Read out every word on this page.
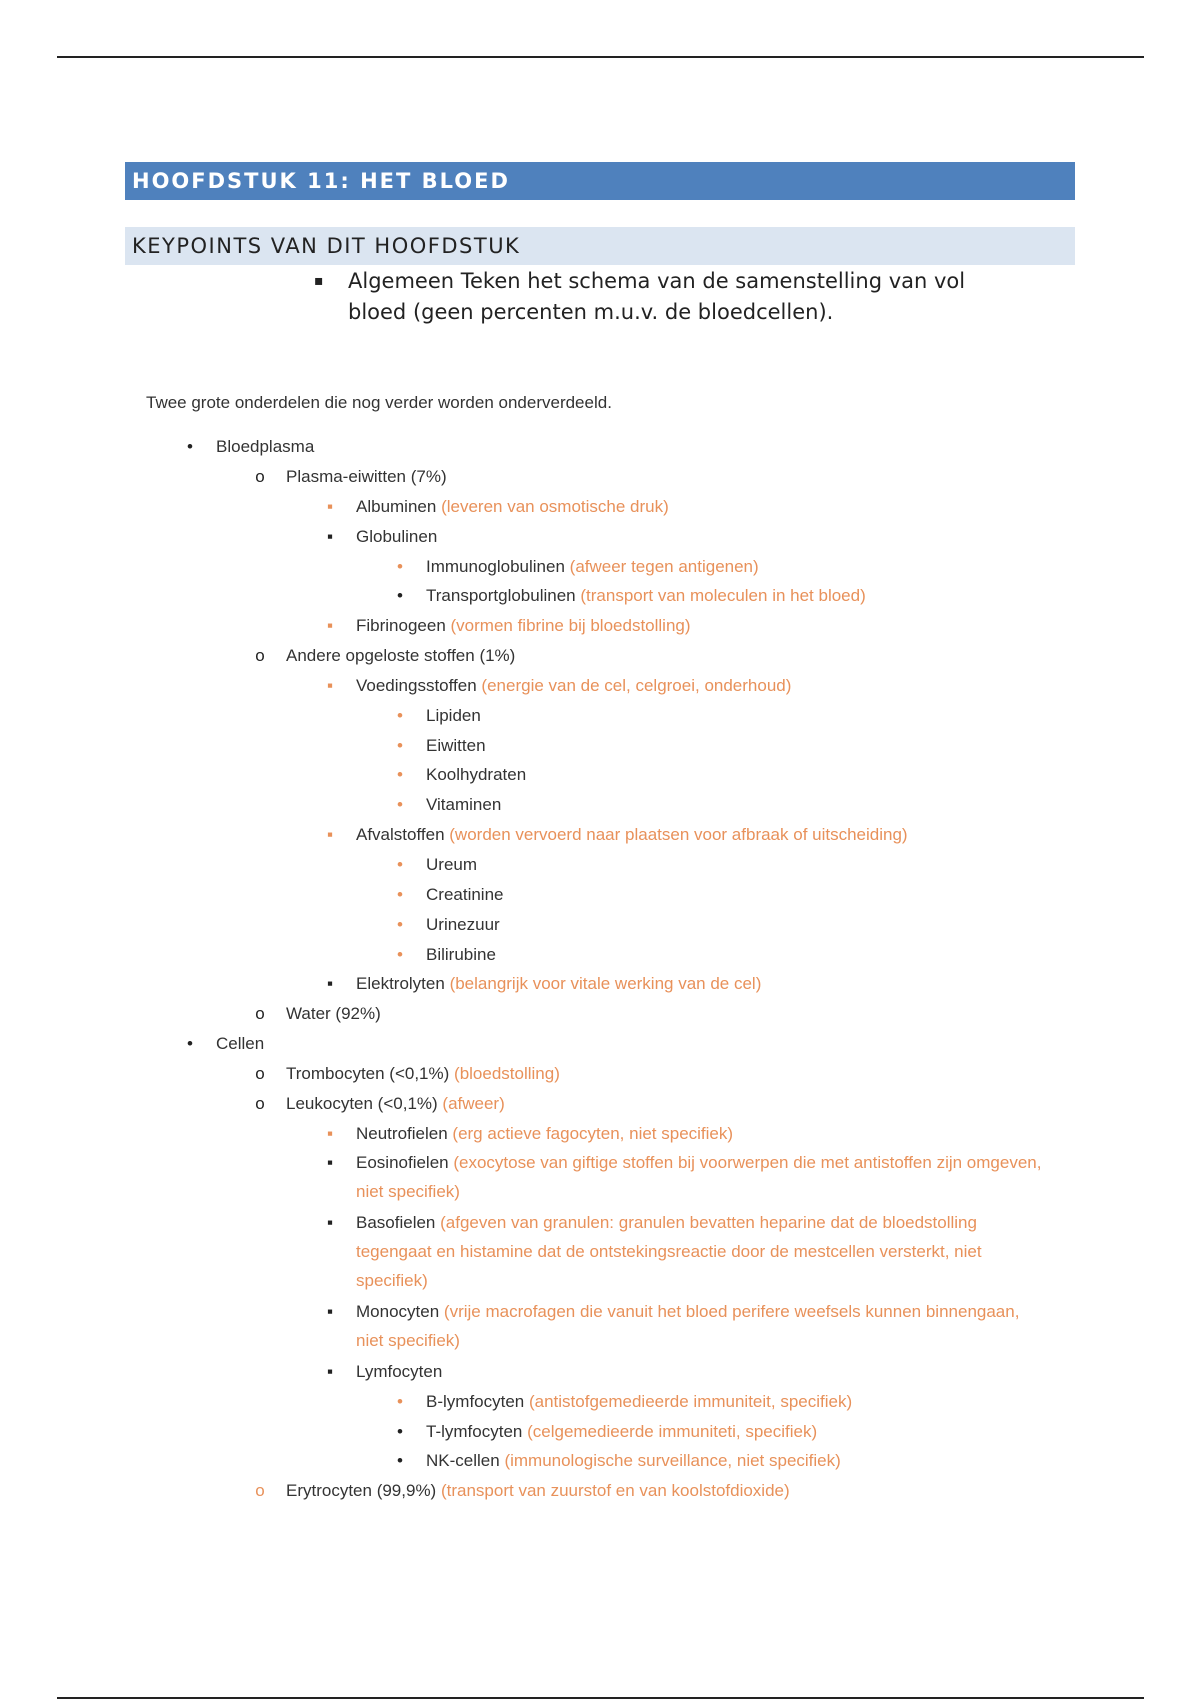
HOOFDSTUK 11: HET BLOED
KEYPOINTS VAN DIT HOOFDSTUK
▪	Algemeen Teken het schema van de samenstelling van vol bloed (geen percenten m.u.v. de bloedcellen).
Twee grote onderdelen die nog verder worden onderverdeeld.
• Bloedplasma
o Plasma-eiwitten (7%)
▪ Albuminen (leveren van osmotische druk)
▪ Globulinen
• Immunoglobulinen (afweer tegen antigenen)
• Transportglobulinen (transport van moleculen in het bloed)
▪ Fibrinogeen (vormen fibrine bij bloedstolling)
o Andere opgeloste stoffen (1%)
▪ Voedingsstoffen (energie van de cel, celgroei, onderhoud)
• Lipiden
• Eiwitten
• Koolhydraten
• Vitaminen
▪ Afvalstoffen (worden vervoerd naar plaatsen voor afbraak of uitscheiding)
• Ureum
• Creatinine
• Urinezuur
• Bilirubine
▪ Elektrolyten (belangrijk voor vitale werking van de cel)
o Water (92%)
• Cellen
o Trombocyten (<0,1%) (bloedstolling)
o Leukocyten (<0,1%) (afweer)
▪ Neutrofielen (erg actieve fagocyten, niet specifiek)
▪ Eosinofielen (exocytose van giftige stoffen bij voorwerpen die met antistoffen zijn omgeven, niet specifiek)
▪ Basofielen (afgeven van granulen: granulen bevatten heparine dat de bloedstolling tegengaat en histamine dat de ontstekingsreactie door de mestcellen versterkt, niet specifiek)
▪ Monocyten (vrije macrofagen die vanuit het bloed perifere weefsels kunnen binnengaan, niet specifiek)
▪ Lymfocyten
• B-lymfocyten (antistofgemedieerde immuniteit, specifiek)
• T-lymfocyten (celgemedieerde immuniteti, specifiek)
• NK-cellen (immunologische surveillance, niet specifiek)
o Erytrocyten (99,9%) (transport van zuurstof en van koolstofdioxide)
